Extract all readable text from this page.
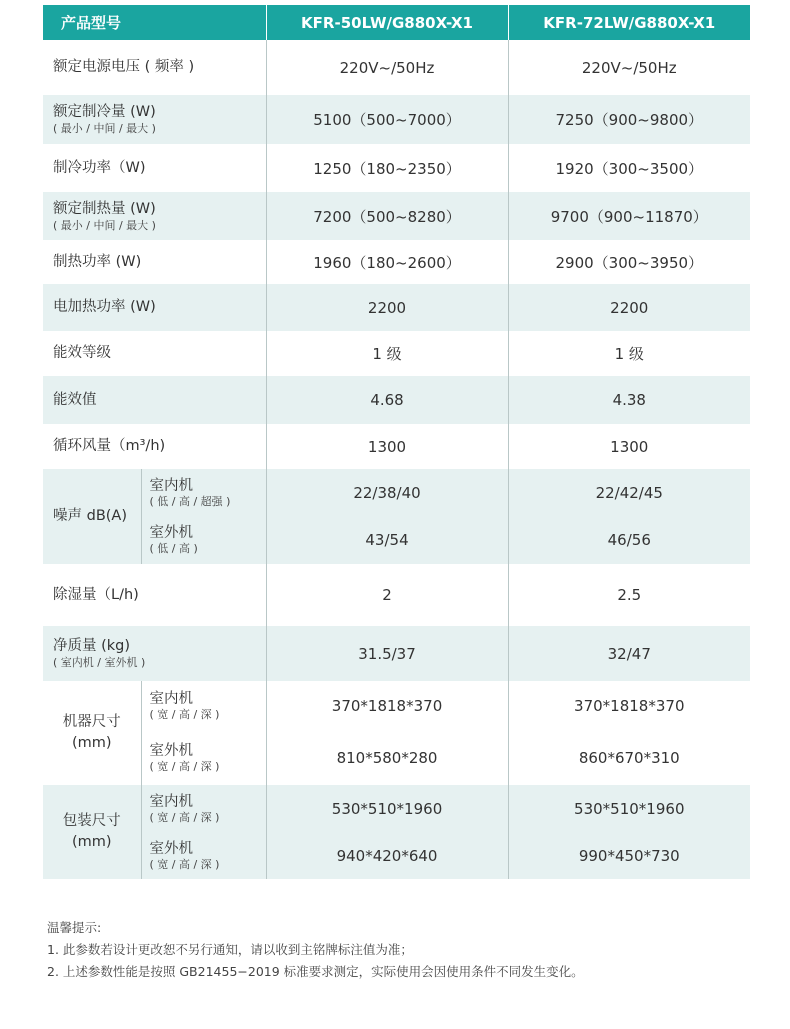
产品型号		KFR-50LW/G880X-X1	KFR-72LW/G880X-X1
额定电源电压 ( 频率 )		220V~/50Hz	220V~/50Hz
额定制冷量 (W)
( 最小 / 中间 / 最大 )		5100（500~7000）	7250（900~9800）
制冷功率（W)		1250（180~2350）	1920（300~3500）
额定制热量 (W)
( 最小 / 中间 / 最大 )		7200（500~8280）	9700（900~11870）
制热功率 (W)		1960（180~2600）	2900（300~3950）
电加热功率 (W)		2200	2200
能效等级		1 级	1 级
能效值		4.68	4.38
循环风量（m³/h)		1300	1300
噪声 dB(A)	室内机
( 低 / 高 / 超强 )	22/38/40	22/42/45
	室外机
( 低 / 高 )	43/54	46/56
除湿量（L/h)		2	2.5
净质量 (kg)
( 室内机 / 室外机 )		31.5/37	32/47
机器尺寸
(mm)	室内机
( 宽 / 高 / 深 )	370*1818*370	370*1818*370
	室外机
( 宽 / 高 / 深 )	810*580*280	860*670*310
包装尺寸
(mm)	室内机
( 宽 / 高 / 深 )	530*510*1960	530*510*1960
	室外机
( 宽 / 高 / 深 )	940*420*640	990*450*730
温馨提示:
1. 此参数若设计更改恕不另行通知，请以收到主铭牌标注值为准；
2. 上述参数性能是按照 GB21455−2019 标准要求测定，实际使用会因使用条件不同发生变化。
